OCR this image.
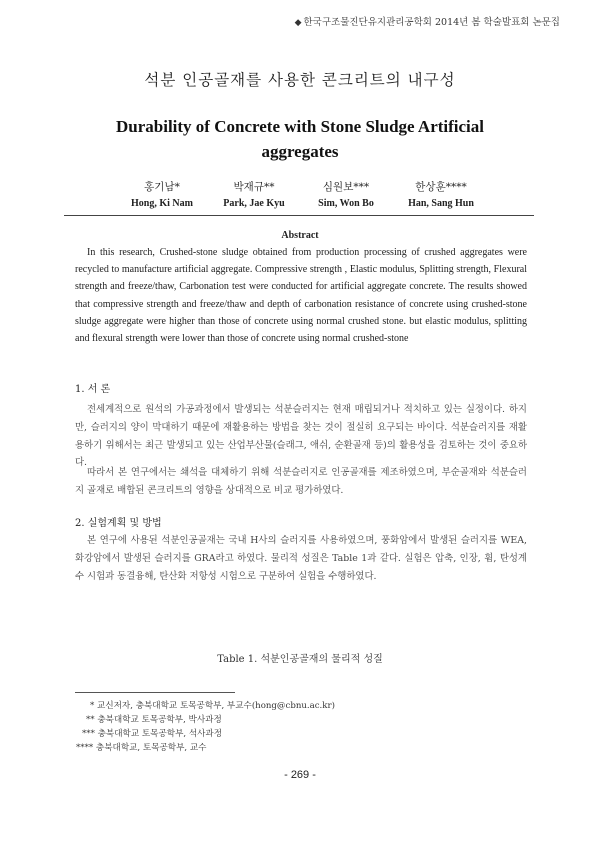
◆ 한국구조물진단유지관리공학회 2014년 봄 학술발표회 논문집
석분 인공골재를 사용한 콘크리트의 내구성
Durability of Concrete with Stone Sludge Artificial aggregates
홍기남*
Hong, Ki Nam
박재규**
Park, Jae Kyu
심원보***
Sim, Won Bo
한상훈****
Han, Sang Hun
Abstract

In this research, Crushed-stone sludge obtained from production processing of crushed aggregates were recycled to manufacture artificial aggregate. Compressive strength , Elastic modulus, Splitting strength, Flexural strength and freeze/thaw, Carbonation test were conducted for artificial aggregate concrete. The results showed that compressive strength and freeze/thaw and depth of carbonation resistance of concrete using crushed-stone sludge aggregate were higher than those of concrete using normal crushed stone. but elastic modulus, splitting and flexural strength were lower than those of concrete using normal crushed-stone

1. 서 론

전세계적으로 원석의 가공과정에서 발생되는 석분슬러지는 현재 매립되거나 적치하고 있는 실정이다. 하지만, 슬러지의 양이 막대하기 때문에 재활용하는 방법을 찾는 것이 절실히 요구되는 바이다. 석분슬러지를 재활용하기 위해서는 최근 발생되고 있는 산업부산물(슬래그, 애쉬, 순환골재 등)의 활용성을 검토하는 것이 중요하다.

따라서 본 연구에서는 쇄석을 대체하기 위해 석분슬러지로 인공골재를 제조하였으며, 부순골재와 석분슬러지 골재로 배합된 콘크리트의 영향을 상대적으로 비교 평가하였다.

2. 실험계획 및 방법

본 연구에 사용된 석분인공골재는 국내 H사의 슬러지를 사용하였으며, 풍화암에서 발생된 슬러지를 WEA, 화강암에서 발생된 슬러지를 GRA라고 하였다. 물리적 성질은 Table 1과 같다. 실험은 압축, 인장, 휨, 탄성계수 시험과 동결융해, 탄산화 저항성 시험으로 구분하여 실험을 수행하였다.

Table 1. 석분인공골재의 물리적 성질
* 교신저자, 충북대학교 토목공학부, 부교수(hong@cbnu.ac.kr)
** 충북대학교 토목공학부, 박사과정
*** 충북대학교 토목공학부, 석사과정
**** 충북대학교, 토목공학부, 교수
- 269 -
